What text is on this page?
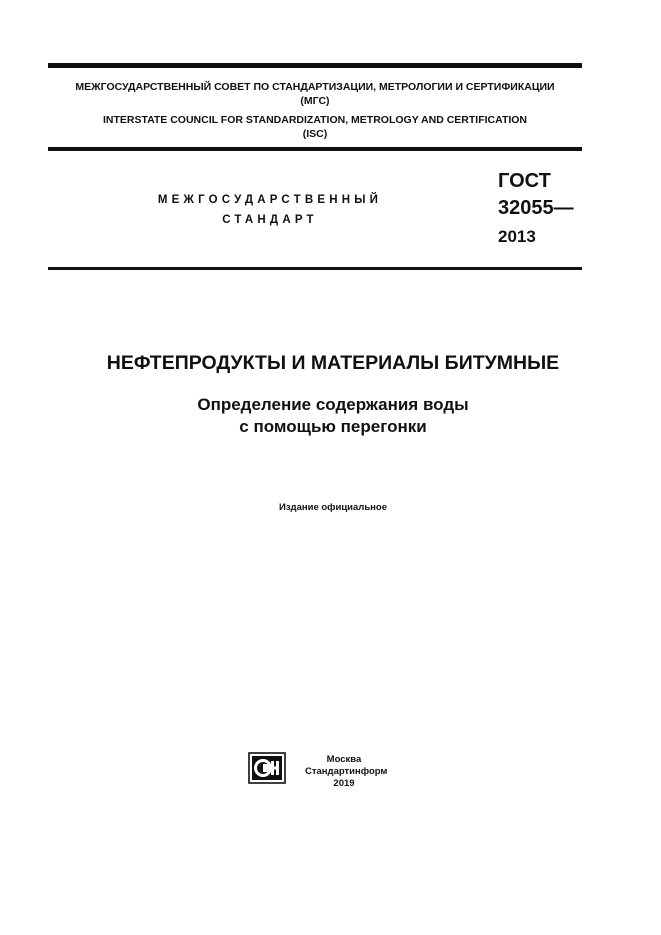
МЕЖГОСУДАРСТВЕННЫЙ СОВЕТ ПО СТАНДАРТИЗАЦИИ, МЕТРОЛОГИИ И СЕРТИФИКАЦИИ
(МГС)
INTERSTATE COUNCIL FOR STANDARDIZATION, METROLOGY AND CERTIFICATION
(ISC)
МЕЖГОСУДАРСТВЕННЫЙ
СТАНДАРТ
ГОСТ
32055—
2013
НЕФТЕПРОДУКТЫ И МАТЕРИАЛЫ БИТУМНЫЕ
Определение содержания воды
с помощью перегонки
Издание официальное
Москва
Стандартинформ
2019
